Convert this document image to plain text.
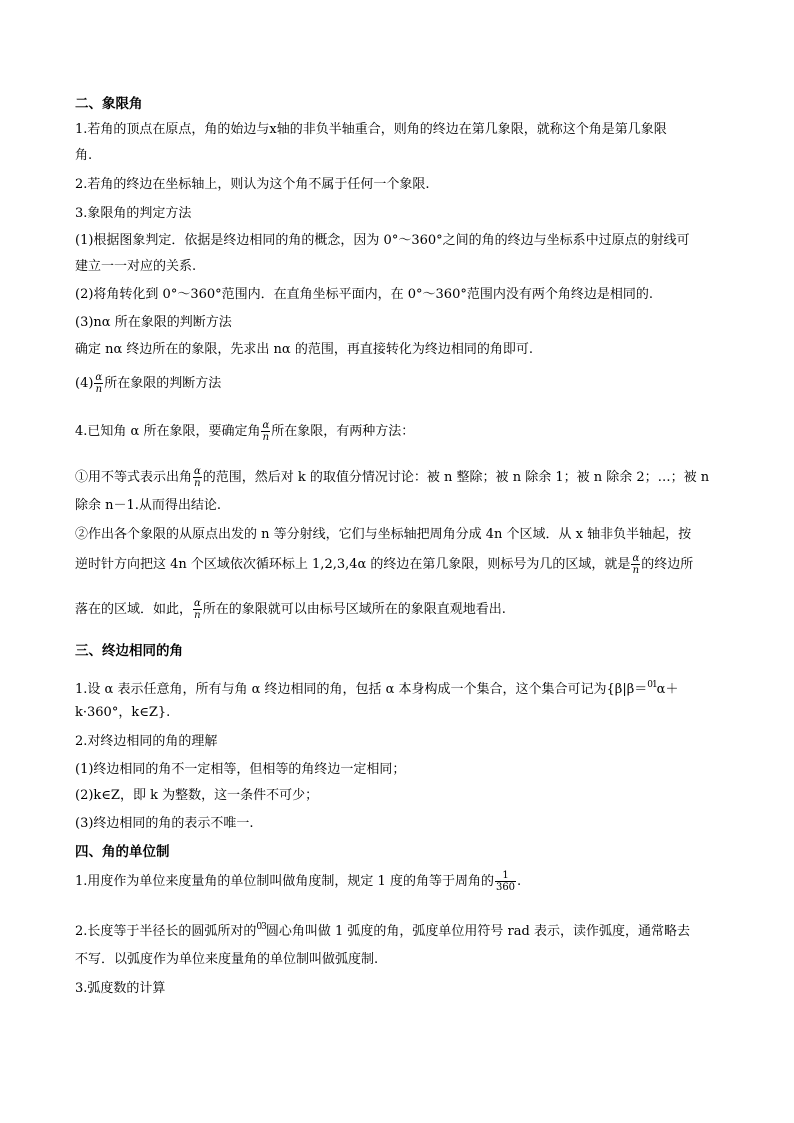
二、象限角
1.若角的顶点在原点，角的始边与x轴的非负半轴重合，则角的终边在第几象限，就称这个角是第几象限
角.
2.若角的终边在坐标轴上，则认为这个角不属于任何一个象限.
3.象限角的判定方法
(1)根据图象判定．依据是终边相同的角的概念，因为 0°～360°之间的角的终边与坐标系中过原点的射线可
建立一一对应的关系.
(2)将角转化到 0°～360°范围内．在直角坐标平面内，在 0°～360°范围内没有两个角终边是相同的.
(3)nα 所在象限的判断方法
确定 nα 终边所在的象限，先求出 nα 的范围，再直接转化为终边相同的角即可.
$(4) \frac{\alpha}{n}$ 所在象限的判断方法
4.已知角 α 所在象限，要确定角 $\frac{\alpha}{n}$ 所在象限，有两种方法：
①用不等式表示出角 $\frac{\alpha}{n}$ 的范围，然后对 k 的取值分情况讨论：被 n 整除；被 n 除余 1；被 n 除余 2；…；被 n
除余 n－1.从而得出结论.
②作出各个象限的从原点出发的 n 等分射线，它们与坐标轴把周角分成 4n 个区域．从 x 轴非负半轴起，按
逆时针方向把这 4n 个区域依次循环标上 1,2,3,4α 的终边在第几象限，则标号为几的区域，就是 $\frac{\alpha}{n}$ 的终边所
落在的区域．如此， $\frac{\alpha}{n}$ 所在的象限就可以由标号区域所在的象限直观地看出.
三、终边相同的角
1.设 α 表示任意角，所有与角 α 终边相同的角，包括 α 本身构成一个集合，这个集合可记为{β|β＝$^{01}$α＋
k·360°，k∈Z}.
2.对终边相同的角的理解
(1)终边相同的角不一定相等，但相等的角终边一定相同；
(2)k∈Z，即 k 为整数，这一条件不可少；
(3)终边相同的角的表示不唯一.
四、角的单位制
1.用度作为单位来度量角的单位制叫做角度制，规定 1 度的角等于周角的 $\frac{1}{360}$ .
2.长度等于半径长的圆弧所对的$^{03}$圆心角叫做 1 弧度的角，弧度单位用符号 rad 表示，读作弧度，通常略去
不写．以弧度作为单位来度量角的单位制叫做弧度制.
3.弧度数的计算
